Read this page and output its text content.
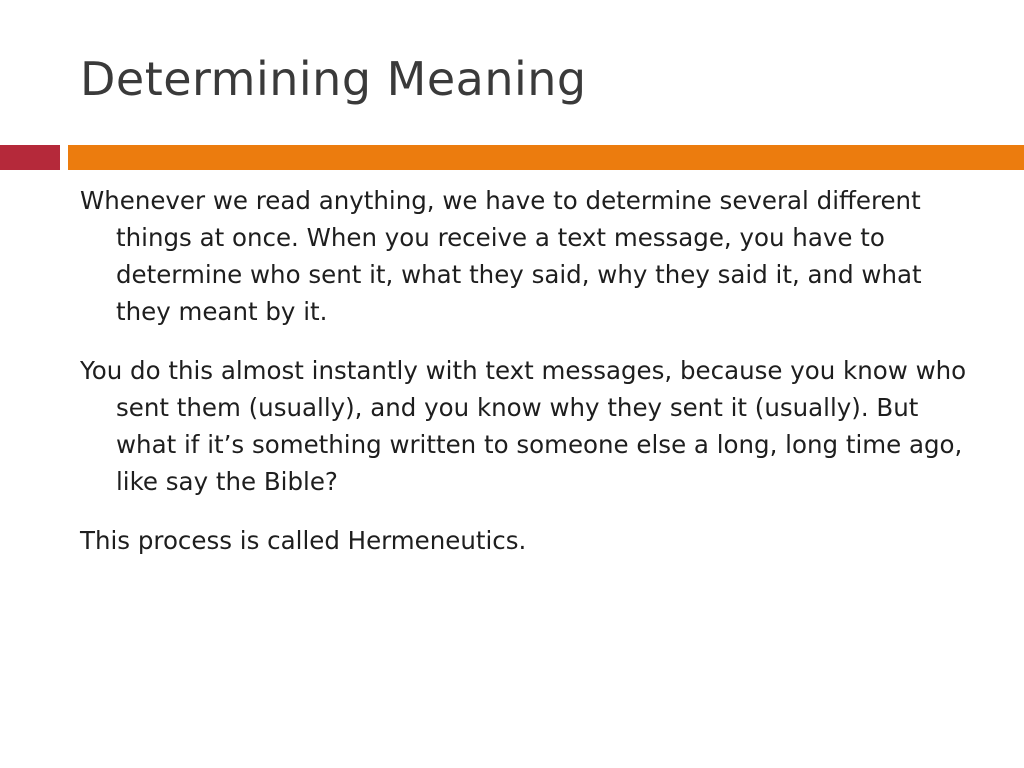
Determining Meaning

Whenever we read anything, we have to determine several different things at once. When you receive a text message, you have to determine who sent it, what they said, why they said it, and what they meant by it.

You do this almost instantly with text messages, because you know who sent them (usually), and you know why they sent it (usually). But what if it’s something written to someone else a long, long time ago, like say the Bible?

This process is called Hermeneutics.
